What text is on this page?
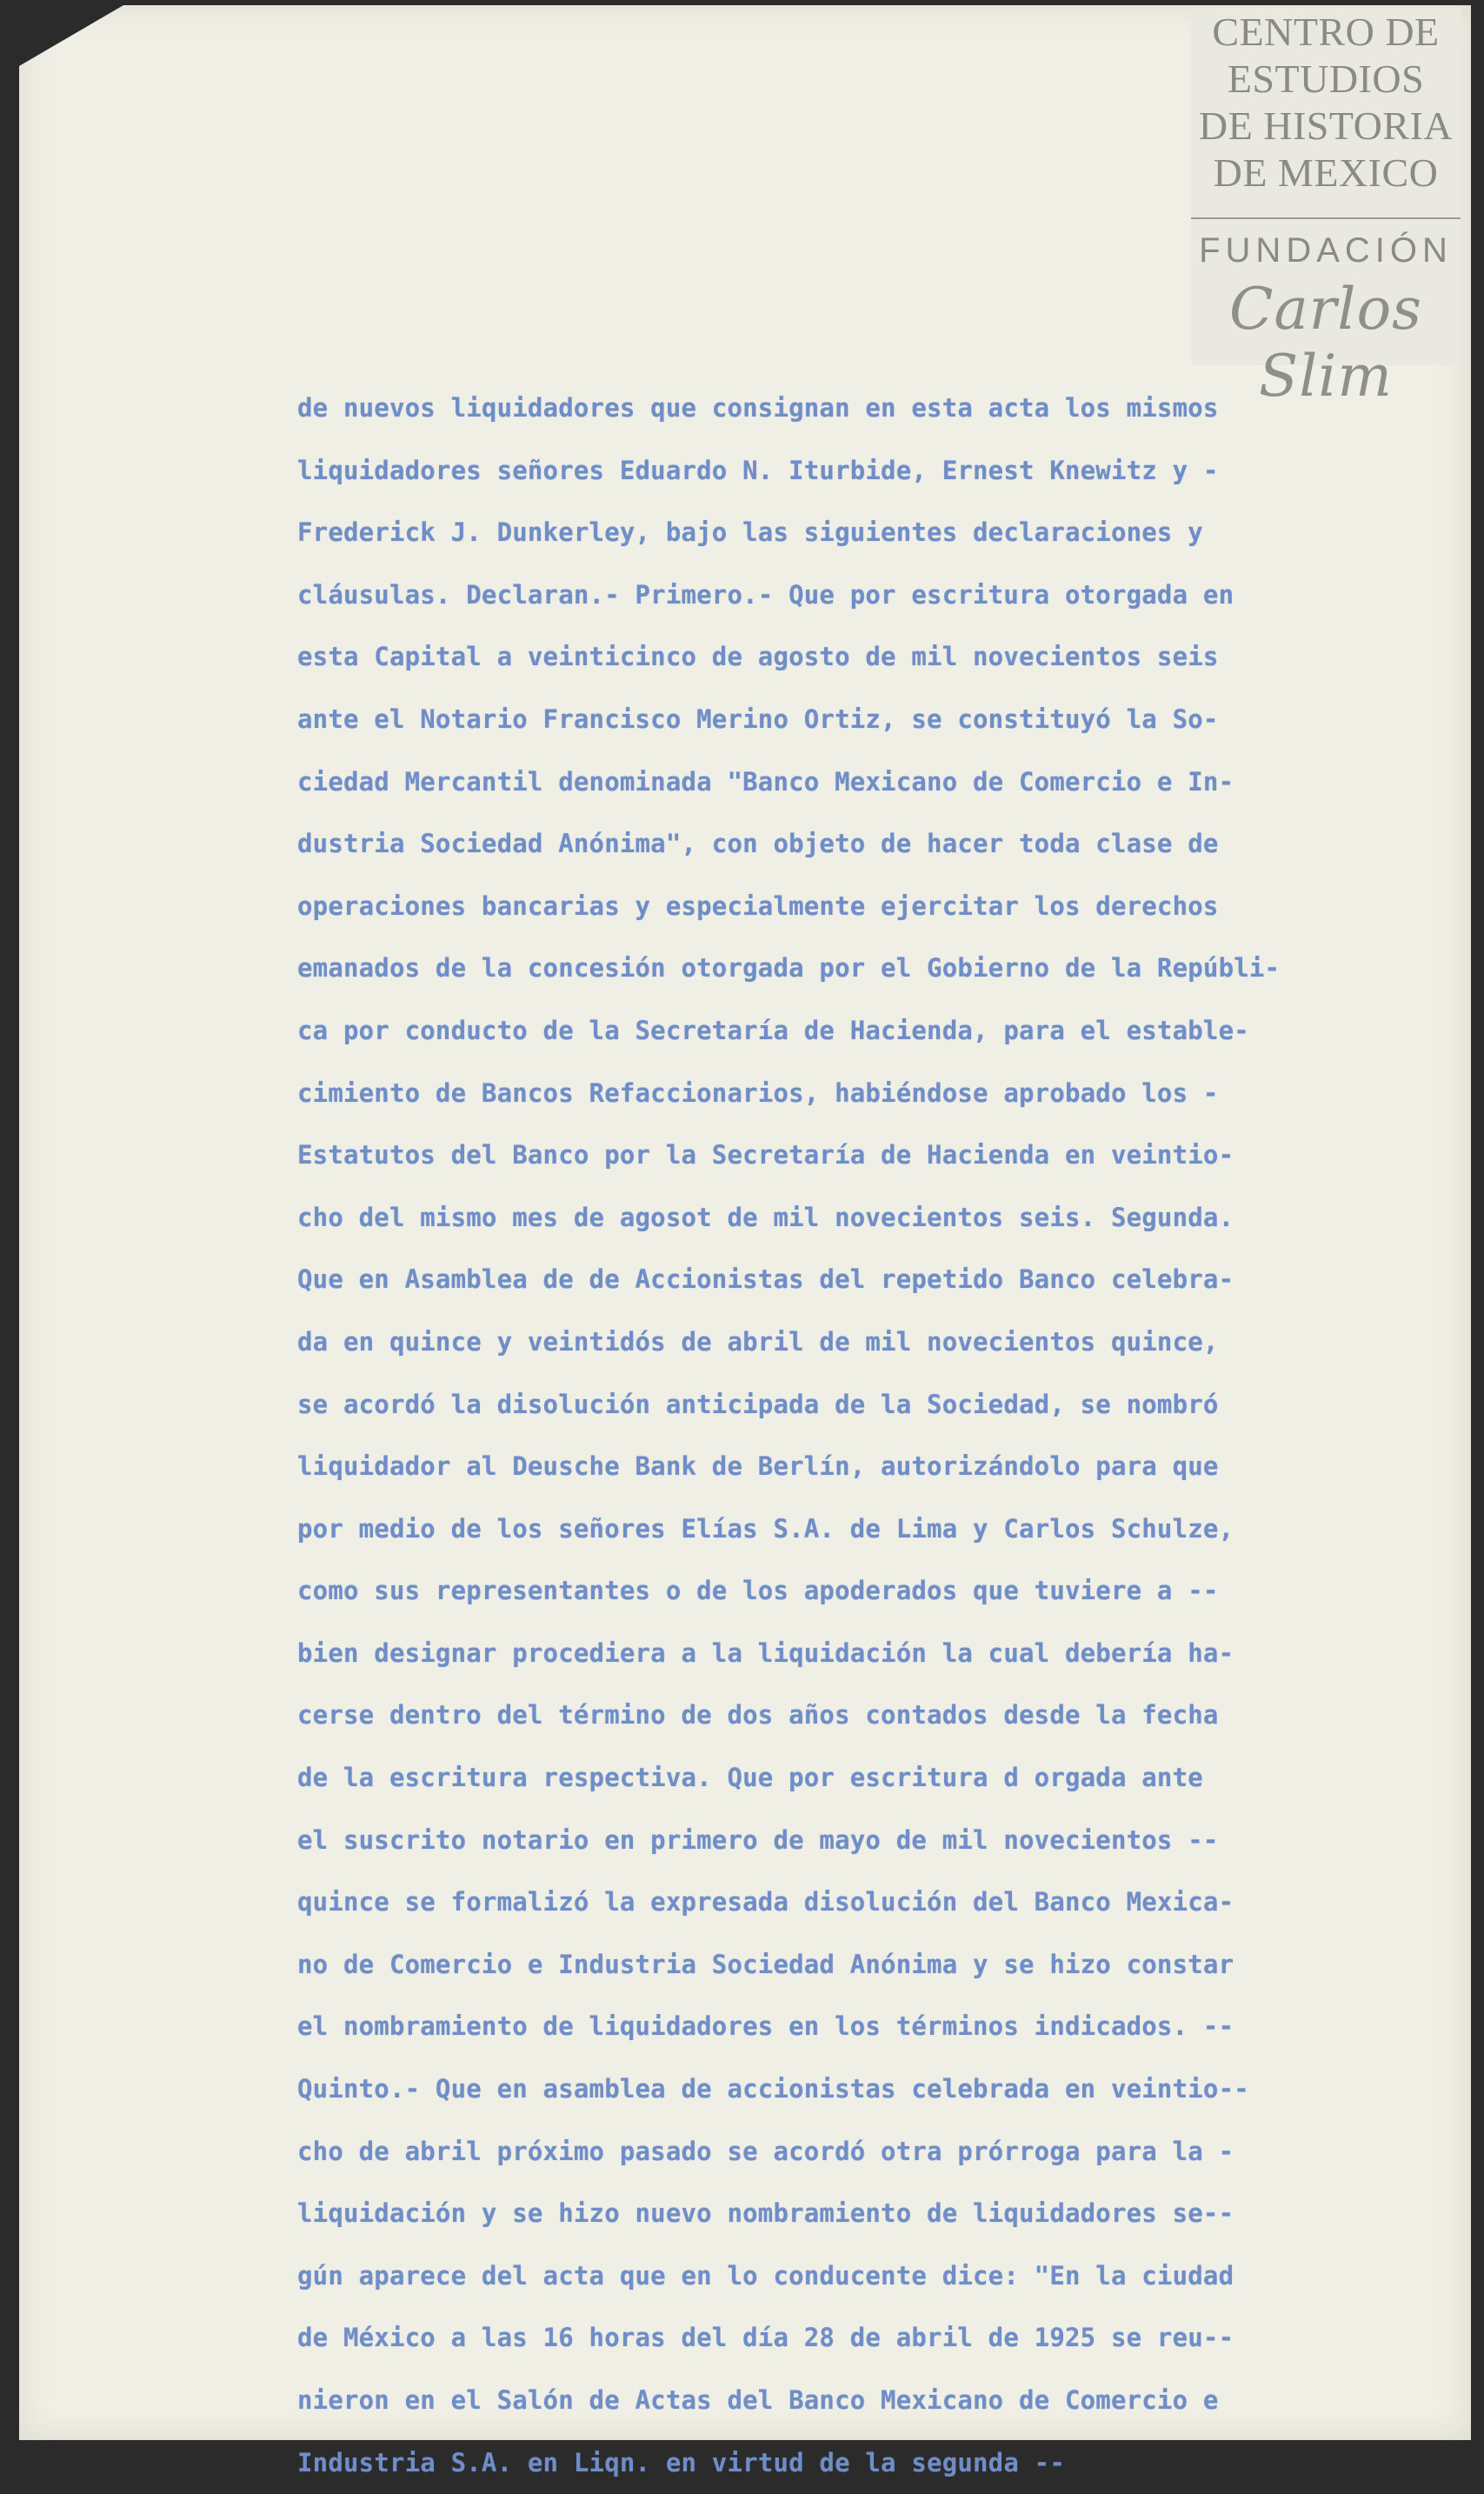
CENTRO DE
ESTUDIOS
DE HISTORIA
DE MEXICO
FUNDACIÓN
Carlos Slim
de nuevos liquidadores que consignan en esta acta los mismos
liquidadores señores Eduardo N. Iturbide, Ernest Knewitz y -
Frederick J. Dunkerley, bajo las siguientes declaraciones y
cláusulas. Declaran.- Primero.- Que por escritura otorgada en
esta Capital a veinticinco de agosto de mil novecientos seis
ante el Notario Francisco Merino Ortiz, se constituyó la So-
ciedad Mercantil denominada "Banco Mexicano de Comercio e In-
dustria Sociedad Anónima", con objeto de hacer toda clase de
operaciones bancarias y especialmente ejercitar los derechos
emanados de la concesión otorgada por el Gobierno de la Repúbli-
ca por conducto de la Secretaría de Hacienda, para el estable-
cimiento de Bancos Refaccionarios, habiéndose aprobado los -
Estatutos del Banco por la Secretaría de Hacienda en veintio-
cho del mismo mes de agosot de mil novecientos seis. Segunda.
Que en Asamblea de de Accionistas del repetido Banco celebra-
da en quince y veintidós de abril de mil novecientos quince,
se acordó la disolución anticipada de la Sociedad, se nombró
liquidador al Deusche Bank de Berlín, autorizándolo para que
por medio de los señores Elías S.A. de Lima y Carlos Schulze,
como sus representantes o de los apoderados que tuviere a --
bien designar procediera a la liquidación la cual debería ha-
cerse dentro del término de dos años contados desde la fecha
de la escritura respectiva. Que por escritura d orgada ante
el suscrito notario en primero de mayo de mil novecientos --
quince se formalizó la expresada disolución del Banco Mexica-
no de Comercio e Industria Sociedad Anónima y se hizo constar
el nombramiento de liquidadores en los términos indicados. --
Quinto.- Que en asamblea de accionistas celebrada en veintio--
cho de abril próximo pasado se acordó otra prórroga para la -
liquidación y se hizo nuevo nombramiento de liquidadores se--
gún aparece del acta que en lo conducente dice: "En la ciudad
de México a las 16 horas del día 28 de abril de 1925 se reu--
nieron en el Salón de Actas del Banco Mexicano de Comercio e
Industria S.A. en Liqn. en virtud de la segunda --
